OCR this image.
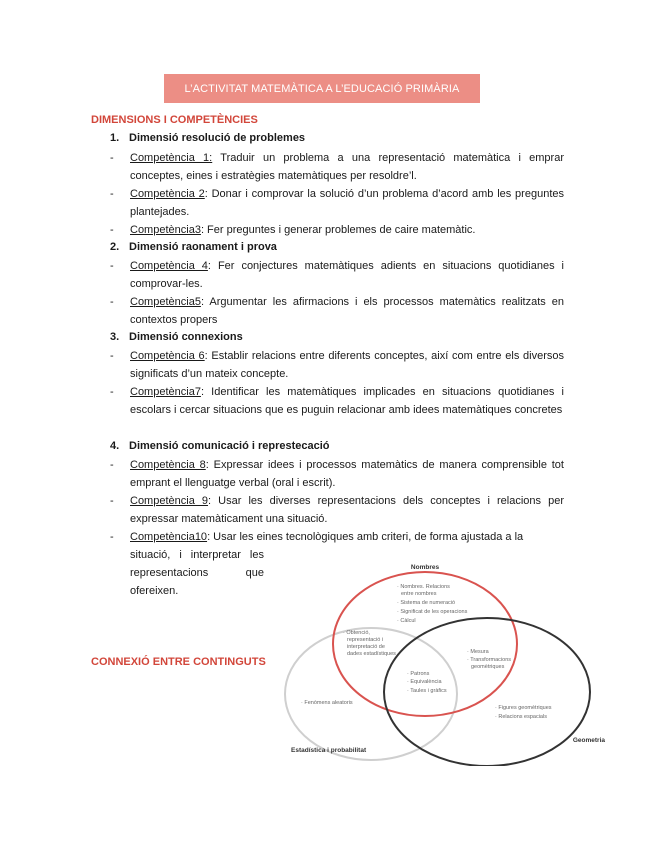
L’ACTIVITAT MATEMÀTICA A L’EDUCACIÓ PRIMÀRIA
DIMENSIONS I COMPETÈNCIES
1. Dimensió resolució de problemes
- Competència 1: Traduir un problema a una representació matemàtica i emprar conceptes, eines i estratègies matemàtiques per resoldre’l.
- Competència 2: Donar i comprovar la solució d’un problema d’acord amb les preguntes plantejades.
- Competència3: Fer preguntes i generar problemes de caire matemàtic.
2. Dimensió raonament i prova
- Competència 4: Fer conjectures matemàtiques adients en situacions quotidianes i comprovar-les.
- Competència5: Argumentar les afirmacions i els processos matemàtics realitzats en contextos propers
3. Dimensió connexions
- Competència 6: Establir relacions entre diferents conceptes, així com entre els diversos significats d’un mateix concepte.
- Competència7: Identificar les matemàtiques implicades en situacions quotidianes i escolars i cercar situacions que es puguin relacionar amb idees matemàtiques concretes
4. Dimensió comunicació i represtecació
- Competència 8: Expressar idees i processos matemàtics de manera comprensible tot emprant el llenguatge verbal (oral i escrit).
- Competència 9: Usar les diverses representacions dels conceptes i relacions per expressar matemàticament una situació.
- Competència10: Usar les eines tecnològiques amb criteri, de forma ajustada a la
situació, i interpretar les representacions que ofereixen.
CONNEXIÓ ENTRE CONTINGUTS
Nombres
Geometria
Estadística i probabilitat
· Nombres. Relacions
entre nombres
· Sistema de numeració
· Significat de les operacions
· Càlcul
· Obtenció,
representació i
interpretació de
dades estadístiques	· Mesura
· Transformacions
geomètriques
· Patrons
· Equivalència
· Taules i gràfics
· Fenòmens aleatoris
· Figures geomètriques
· Relacions espacials
